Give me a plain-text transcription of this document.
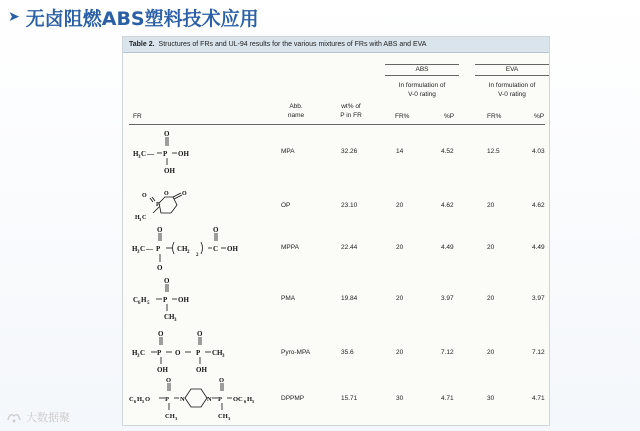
➤ 无卤阻燃ABS塑料技术应用
Table 2. Structures of FRs and UL-94 results for the various mixtures of FRs with ABS and EVA
ABS	EVA
In formulation of
V-0 rating
In formulation of
V-0 rating
FR
Abb.
name
wt% of
P in FR	FR%	%P	FR%	%P
MPA	32.26	14	4.52	12.5	4.03
OP	23.10	20	4.62	20	4.62
MPPA	22.44	20	4.49	20	4.49
PMA	19.84	20	3.97	20	3.97
Pyro-MPA	35.6	20	7.12	20	7.12
DPPMP	15.71	30	4.71	30	4.71
O
H 3 C — P OH
OH
O
P
O O
H 3 C
O
H 3 C — P CH 2
2
O
C OH
O
O
C 6 H 5 P OH
CH 3
O	O
H 3 C P O P CH 3
OH	OH
O	O
C 6 H 5 O P N	N P OC 6 H 5
CH 3	CH 3
大数据聚
